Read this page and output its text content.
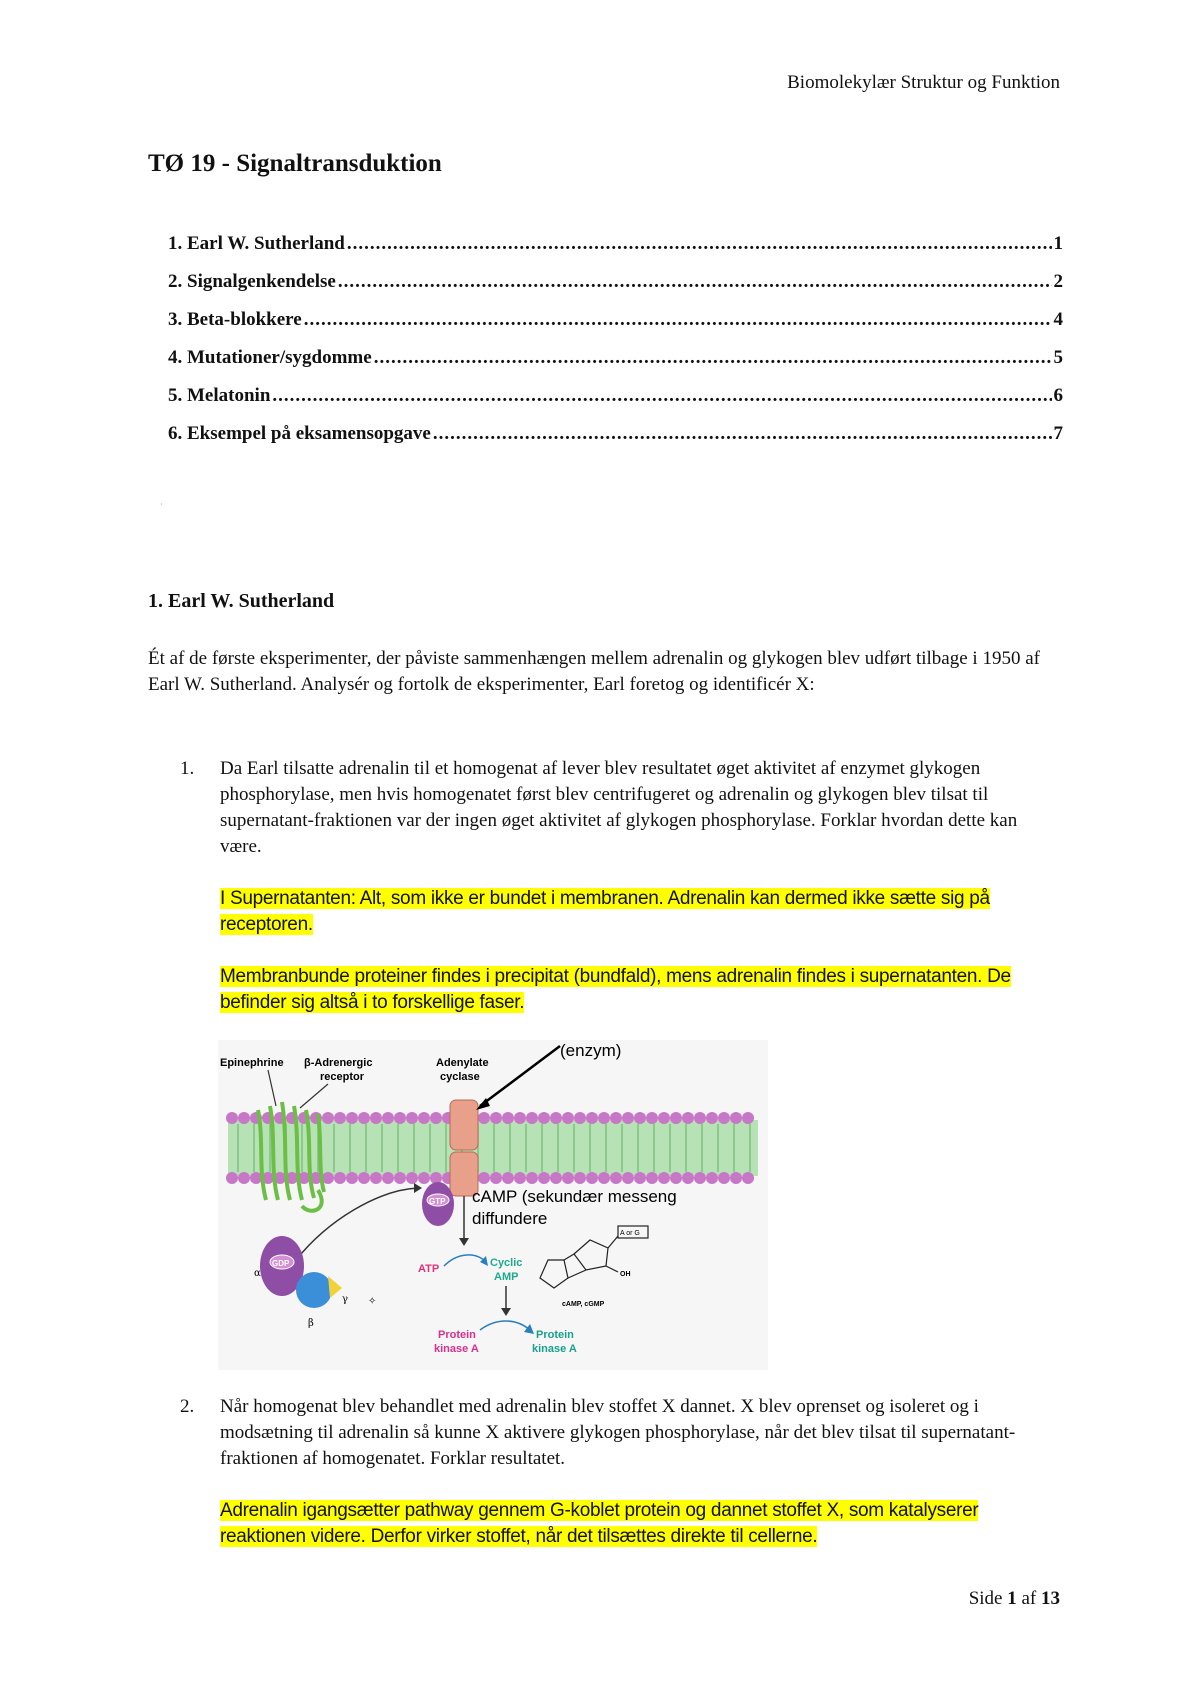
Biomolekylær Struktur og Funktion
TØ 19 - Signaltransduktion
1. Earl W. Sutherland .....	1
2. Signalgenkendelse .....	2
3. Beta-blokkere .....	4
4. Mutationer/sygdomme .....	5
5. Melatonin .....	6
6. Eksempel på eksamensopgave .....	7
·
1. Earl W. Sutherland

Ét af de første eksperimenter, der påviste sammenhængen mellem adrenalin og glykogen blev udført tilbage i 1950 af Earl W. Sutherland. Analysér og fortolk de eksperimenter, Earl foretog og identificér X:

1. Da Earl tilsatte adrenalin til et homogenat af lever blev resultatet øget aktivitet af enzymet glykogen phosphorylase, men hvis homogenatet først blev centrifugeret og adrenalin og glykogen blev tilsat til supernatant-fraktionen var der ingen øget aktivitet af glykogen phosphorylase. Forklar hvordan dette kan være.
I Supernatanten: Alt, som ikke er bundet i membranen. Adrenalin kan dermed ikke sætte sig på receptoren.
Membranbunde proteiner findes i precipitat (bundfald), mens adrenalin findes i supernatanten. De befinder sig altså i to forskellige faser.
Epinephrine β-Adrenergic
receptor
Adenylate
cyclase
(enzym)
GTP
GDP
α
β
γ
ATP	Cyclic
AMP
Protein
kinase A
Protein
kinase A
cAMP (sekundær messeng
diffundere
A or G
OH
cAMP, cGMP
✧
2. Når homogenat blev behandlet med adrenalin blev stoffet X dannet. X blev oprenset og isoleret og i modsætning til adrenalin så kunne X aktivere glykogen phosphorylase, når det blev tilsat til supernatant-fraktionen af homogenatet. Forklar resultatet.
Adrenalin igangsætter pathway gennem G-koblet protein og dannet stoffet X, som katalyserer reaktionen videre. Derfor virker stoffet, når det tilsættes direkte til cellerne.
Side 1 af 13
